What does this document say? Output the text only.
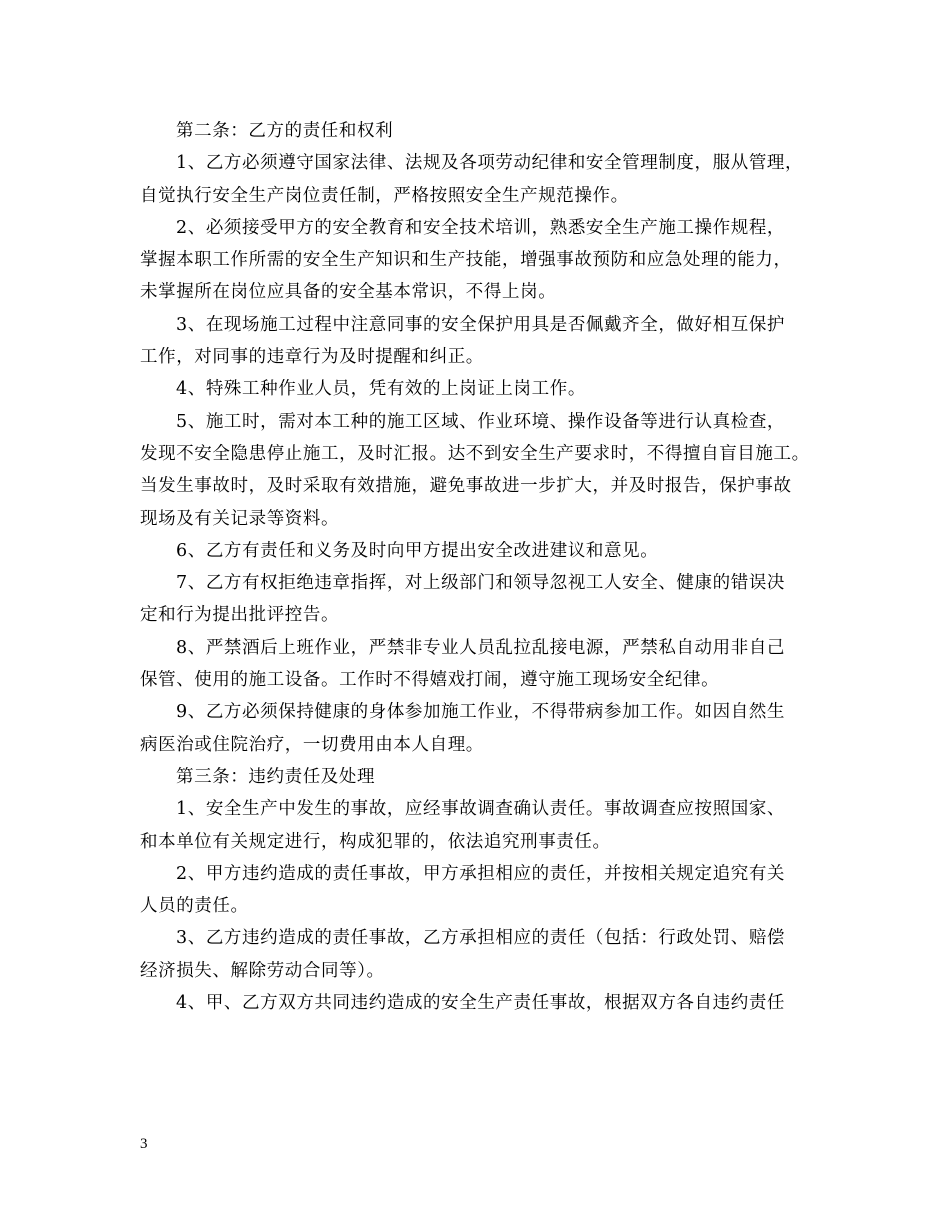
第二条：乙方的责任和权利
1、乙方必须遵守国家法律、法规及各项劳动纪律和安全管理制度，服从管理，
自觉执行安全生产岗位责任制，严格按照安全生产规范操作。
2、必须接受甲方的安全教育和安全技术培训，熟悉安全生产施工操作规程，
掌握本职工作所需的安全生产知识和生产技能，增强事故预防和应急处理的能力，
未掌握所在岗位应具备的安全基本常识，不得上岗。
3、在现场施工过程中注意同事的安全保护用具是否佩戴齐全，做好相互保护
工作，对同事的违章行为及时提醒和纠正。
4、特殊工种作业人员，凭有效的上岗证上岗工作。
5、施工时，需对本工种的施工区域、作业环境、操作设备等进行认真检查，
发现不安全隐患停止施工，及时汇报。达不到安全生产要求时，不得擅自盲目施工。
当发生事故时，及时采取有效措施，避免事故进一步扩大，并及时报告，保护事故
现场及有关记录等资料。
6、乙方有责任和义务及时向甲方提出安全改进建议和意见。
7、乙方有权拒绝违章指挥，对上级部门和领导忽视工人安全、健康的错误决
定和行为提出批评控告。
8、严禁酒后上班作业，严禁非专业人员乱拉乱接电源，严禁私自动用非自己
保管、使用的施工设备。工作时不得嬉戏打闹，遵守施工现场安全纪律。
9、乙方必须保持健康的身体参加施工作业，不得带病参加工作。如因自然生
病医治或住院治疗，一切费用由本人自理。
第三条：违约责任及处理
1、安全生产中发生的事故，应经事故调查确认责任。事故调查应按照国家、
和本单位有关规定进行，构成犯罪的，依法追究刑事责任。
2、甲方违约造成的责任事故，甲方承担相应的责任，并按相关规定追究有关
人员的责任。
3、乙方违约造成的责任事故，乙方承担相应的责任（包括：行政处罚、赔偿
经济损失、解除劳动合同等）。
4、甲、乙方双方共同违约造成的安全生产责任事故，根据双方各自违约责任
3
